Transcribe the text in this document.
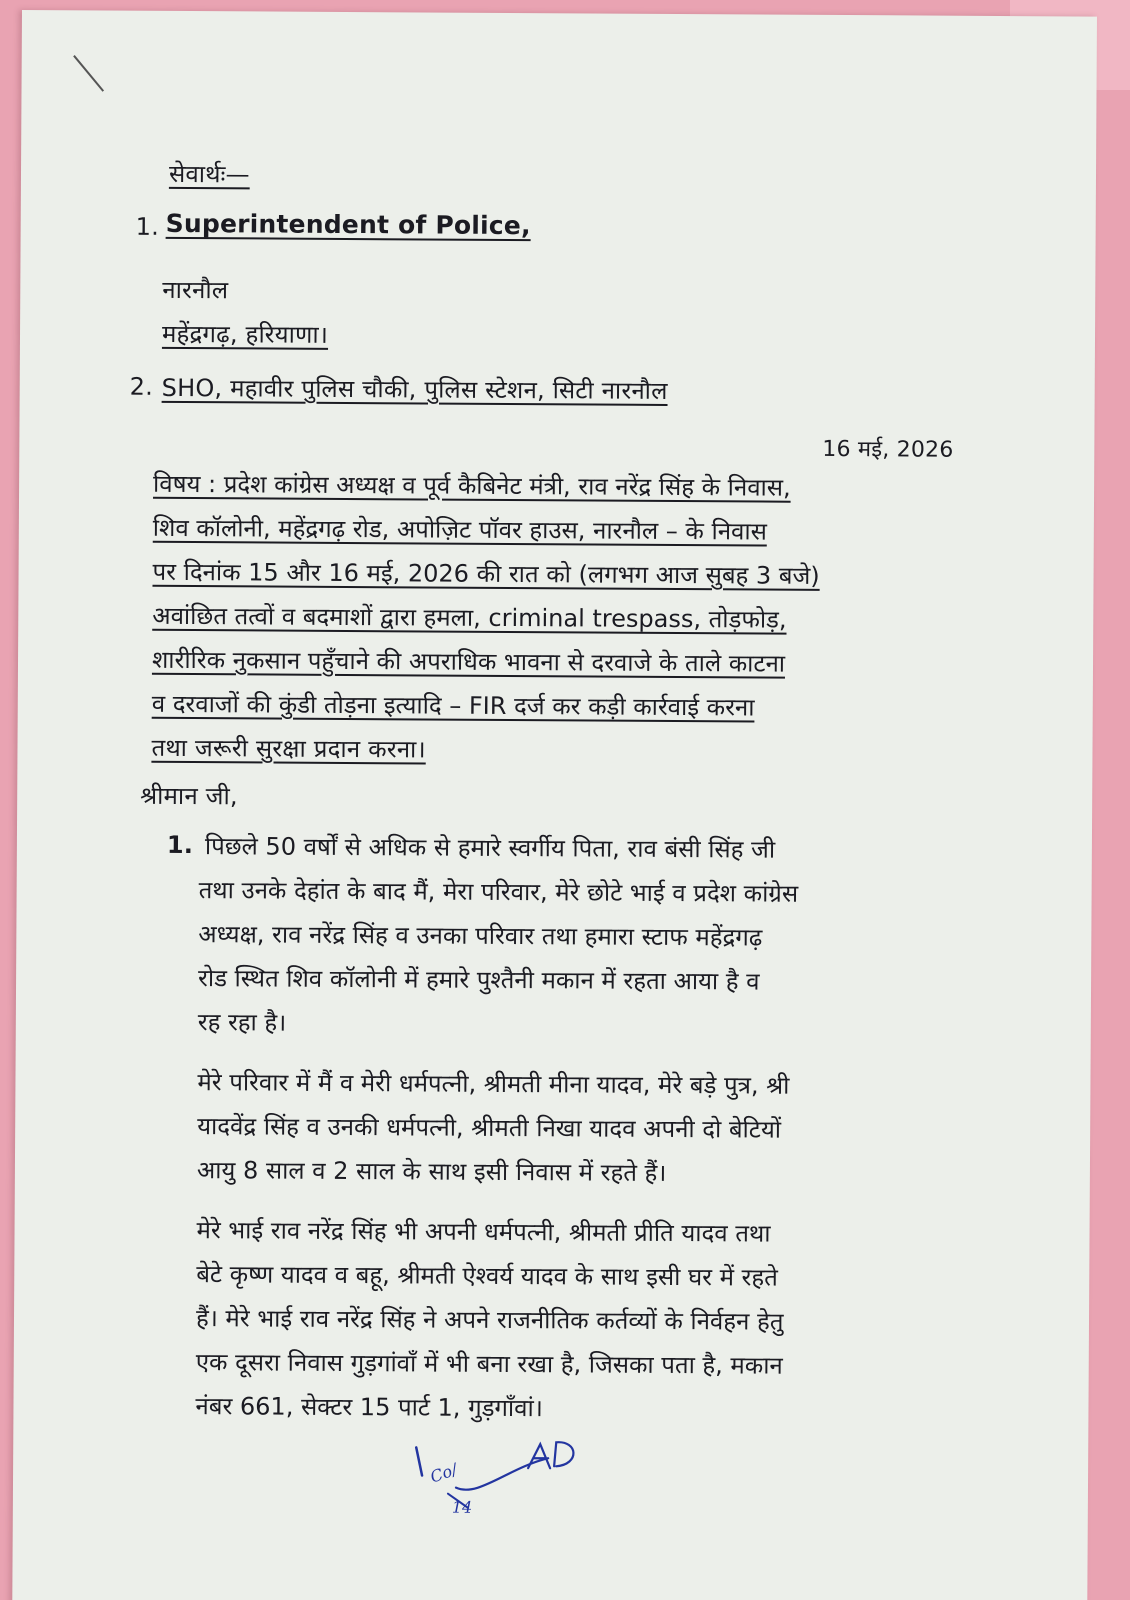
सेवार्थः—
1. Superintendent of Police,
नारनौल
महेंद्रगढ़, हरियाणा।
2. SHO, महावीर पुलिस चौकी, पुलिस स्टेशन, सिटी नारनौल
16 मई, 2026
विषय : प्रदेश कांग्रेस अध्यक्ष व पूर्व कैबिनेट मंत्री, राव नरेंद्र सिंह के निवास,
शिव कॉलोनी, महेंद्रगढ़ रोड, अपोज़िट पॉवर हाउस, नारनौल – के निवास
पर दिनांक 15 और 16 मई, 2026 की रात को (लगभग आज सुबह 3 बजे)
अवांछित तत्वों व बदमाशों द्वारा हमला, criminal trespass, तोड़फोड़,
शारीरिक नुकसान पहुँचाने की अपराधिक भावना से दरवाजे के ताले काटना
व दरवाजों की कुंडी तोड़ना इत्यादि – FIR दर्ज कर कड़ी कार्रवाई करना
तथा जरूरी सुरक्षा प्रदान करना।
श्रीमान जी,
1. पिछले 50 वर्षों से अधिक से हमारे स्वर्गीय पिता, राव बंसी सिंह जी
तथा उनके देहांत के बाद मैं, मेरा परिवार, मेरे छोटे भाई व प्रदेश कांग्रेस
अध्यक्ष, राव नरेंद्र सिंह व उनका परिवार तथा हमारा स्टाफ महेंद्रगढ़
रोड स्थित शिव कॉलोनी में हमारे पुश्तैनी मकान में रहता आया है व
रह रहा है।
मेरे परिवार में मैं व मेरी धर्मपत्नी, श्रीमती मीना यादव, मेरे बड़े पुत्र, श्री
यादवेंद्र सिंह व उनकी धर्मपत्नी, श्रीमती निखा यादव अपनी दो बेटियों
आयु 8 साल व 2 साल के साथ इसी निवास में रहते हैं।
मेरे भाई राव नरेंद्र सिंह भी अपनी धर्मपत्नी, श्रीमती प्रीति यादव तथा
बेटे कृष्ण यादव व बहू, श्रीमती ऐश्वर्य यादव के साथ इसी घर में रहते
हैं। मेरे भाई राव नरेंद्र सिंह ने अपने राजनीतिक कर्तव्यों के निर्वहन हेतु
एक दूसरा निवास गुड़गांवाँ में भी बना रखा है, जिसका पता है, मकान
नंबर 661, सेक्टर 15 पार्ट 1, गुड़गाँवां।
Co/
14
